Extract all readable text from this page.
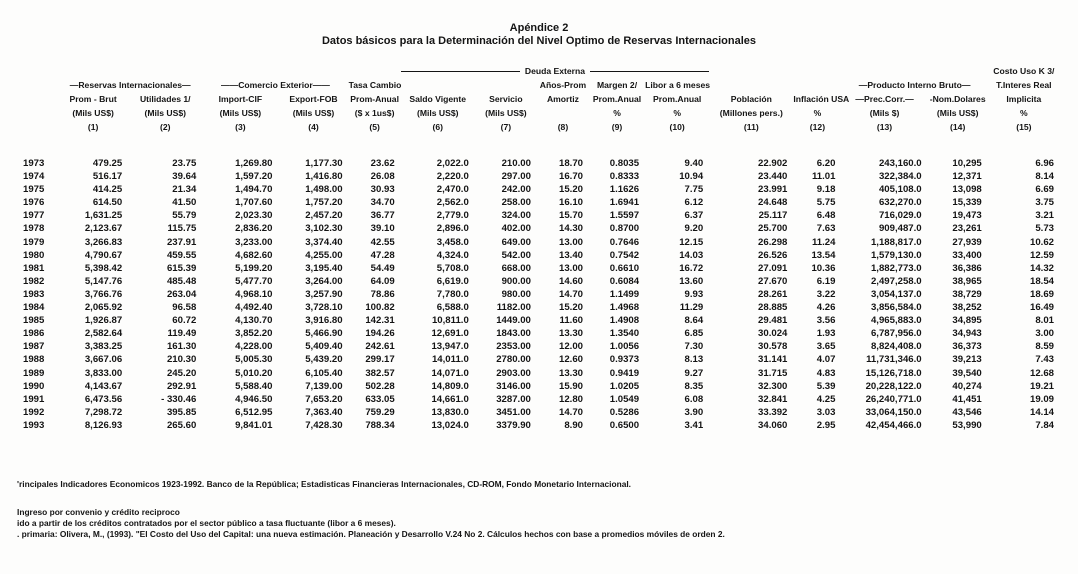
Apéndice 2
Datos básicos para la Determinación del Nivel Optimo de Reservas Internacionales

						Deuda Externa									Costo Uso K 3/
	—Reservas Internacionales—		——Comercio Exterior——		Tasa Cambio			Años-Prom	Margen 2/	Libor a 6 meses			—Producto Interno Bruto—		T.Interes Real
	Prom - Brut	Utilidades 1/	Import-CIF	Export-FOB	Prom-Anual	Saldo Vigente	Servicio	Amortiz	Prom.Anual	Prom.Anual	Población	Inflación USA	—Prec.Corr.—	-Nom.Dolares	Implicita
	(Mils US$)	(Mils US$)	(Mils US$)	(Mils US$)	($ x 1us$)	(Mils US$)	(Mils US$)		%	%	(Millones pers.)	%	(Mils $)	(Mils US$)	%
	(1)	(2)	(3)	(4)	(5)	(6)	(7)	(8)	(9)	(10)	(11)	(12)	(13)	(14)	(15)
1973	479.25	23.75	1,269.80	1,177.30	23.62	2,022.0	210.00	18.70	0.8035	9.40	22.902	6.20	243,160.0	10,295	6.96
1974	516.17	39.64	1,597.20	1,416.80	26.08	2,220.0	297.00	16.70	0.8333	10.94	23.440	11.01	322,384.0	12,371	8.14
1975	414.25	21.34	1,494.70	1,498.00	30.93	2,470.0	242.00	15.20	1.1626	7.75	23.991	9.18	405,108.0	13,098	6.69
1976	614.50	41.50	1,707.60	1,757.20	34.70	2,562.0	258.00	16.10	1.6941	6.12	24.648	5.75	632,270.0	15,339	3.75
1977	1,631.25	55.79	2,023.30	2,457.20	36.77	2,779.0	324.00	15.70	1.5597	6.37	25.117	6.48	716,029.0	19,473	3.21
1978	2,123.67	115.75	2,836.20	3,102.30	39.10	2,896.0	402.00	14.30	0.8700	9.20	25.700	7.63	909,487.0	23,261	5.73
1979	3,266.83	237.91	3,233.00	3,374.40	42.55	3,458.0	649.00	13.00	0.7646	12.15	26.298	11.24	1,188,817.0	27,939	10.62
1980	4,790.67	459.55	4,682.60	4,255.00	47.28	4,324.0	542.00	13.40	0.7542	14.03	26.526	13.54	1,579,130.0	33,400	12.59
1981	5,398.42	615.39	5,199.20	3,195.40	54.49	5,708.0	668.00	13.00	0.6610	16.72	27.091	10.36	1,882,773.0	36,386	14.32
1982	5,147.76	485.48	5,477.70	3,264.00	64.09	6,619.0	900.00	14.60	0.6084	13.60	27.670	6.19	2,497,258.0	38,965	18.54
1983	3,766.76	263.04	4,968.10	3,257.90	78.86	7,780.0	980.00	14.70	1.1499	9.93	28.261	3.22	3,054,137.0	38,729	18.69
1984	2,065.92	96.58	4,492.40	3,728.10	100.82	6,588.0	1182.00	15.20	1.4968	11.29	28.885	4.26	3,856,584.0	38,252	16.49
1985	1,926.87	60.72	4,130.70	3,916.80	142.31	10,811.0	1449.00	11.60	1.4908	8.64	29.481	3.56	4,965,883.0	34,895	8.01
1986	2,582.64	119.49	3,852.20	5,466.90	194.26	12,691.0	1843.00	13.30	1.3540	6.85	30.024	1.93	6,787,956.0	34,943	3.00
1987	3,383.25	161.30	4,228.00	5,409.40	242.61	13,947.0	2353.00	12.00	1.0056	7.30	30.578	3.65	8,824,408.0	36,373	8.59
1988	3,667.06	210.30	5,005.30	5,439.20	299.17	14,011.0	2780.00	12.60	0.9373	8.13	31.141	4.07	11,731,346.0	39,213	7.43
1989	3,833.00	245.20	5,010.20	6,105.40	382.57	14,071.0	2903.00	13.30	0.9419	9.27	31.715	4.83	15,126,718.0	39,540	12.68
1990	4,143.67	292.91	5,588.40	7,139.00	502.28	14,809.0	3146.00	15.90	1.0205	8.35	32.300	5.39	20,228,122.0	40,274	19.21
1991	6,473.56	- 330.46	4,946.50	7,653.20	633.05	14,661.0	3287.00	12.80	1.0549	6.08	32.841	4.25	26,240,771.0	41,451	19.09
1992	7,298.72	395.85	6,512.95	7,363.40	759.29	13,830.0	3451.00	14.70	0.5286	3.90	33.392	3.03	33,064,150.0	43,546	14.14
1993	8,126.93	265.60	9,841.01	7,428.30	788.34	13,024.0	3379.90	8.90	0.6500	3.41	34.060	2.95	42,454,466.0	53,990	7.84
'rincipales Indicadores Economicos 1923-1992. Banco de la República; Estadisticas Financieras Internacionales, CD-ROM, Fondo Monetario Internacional.
Ingreso por convenio y crédito reciproco
ido a partir de los créditos contratados por el sector público a tasa fluctuante (libor a 6 meses).
. primaria: Olivera, M., (1993). "El Costo del Uso del Capital: una nueva estimación. Planeación y Desarrollo V.24 No 2. Cálculos hechos con base a promedios móviles de orden 2.
